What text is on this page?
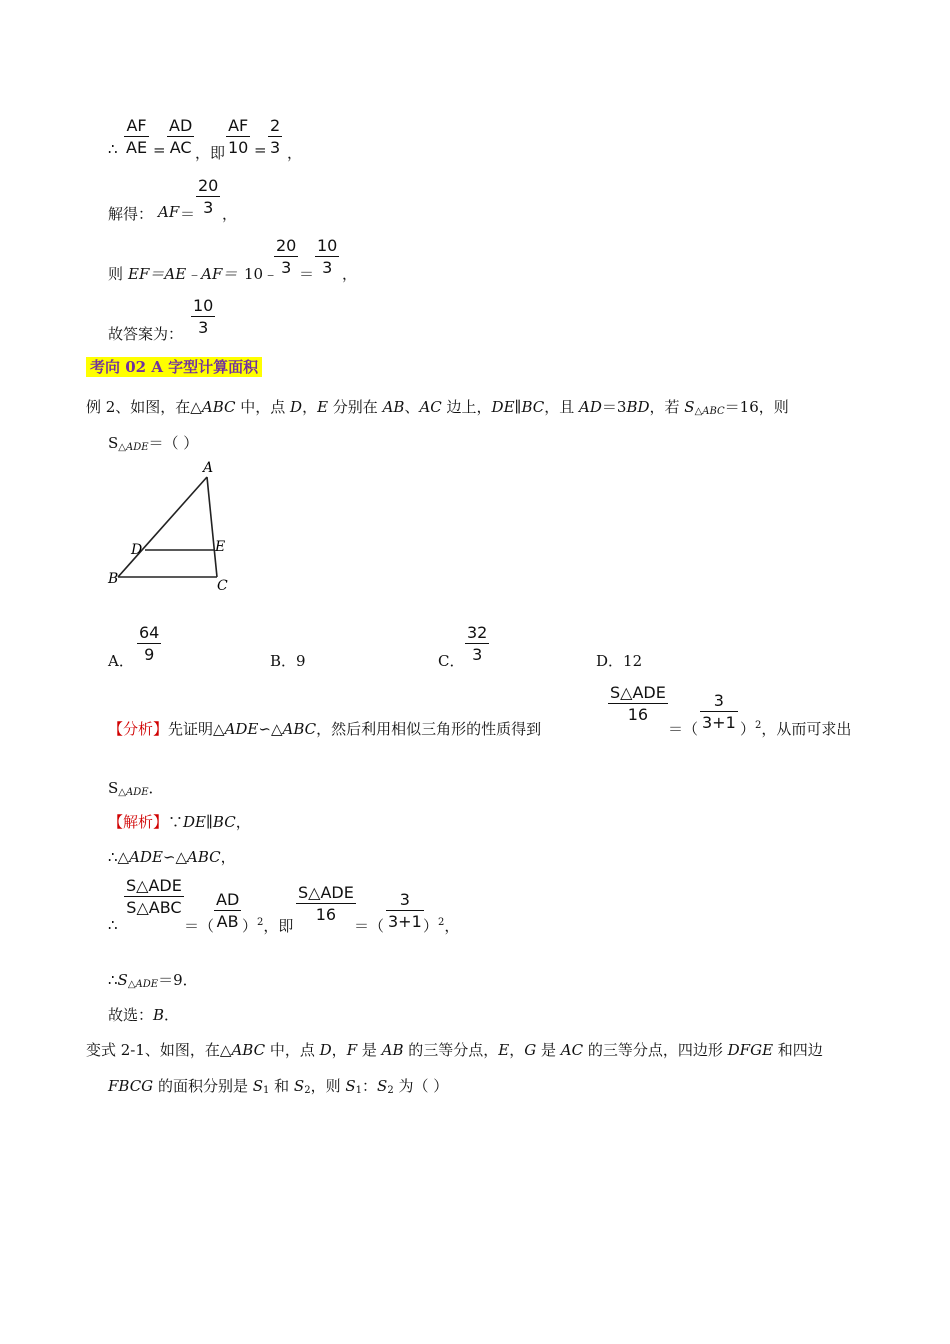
∴ $\frac{AF}{AE} = \frac{AD}{AC}$ ，即 $\frac{AF}{10} = \frac{2}{3}$ ，
解得： AF ＝ $\frac{20}{3}$ ，
则 EF＝AE﹣AF＝ 10﹣
$\frac{20}{3} = \frac{10}{3}$ ，
故答案为： $\frac{10}{3}$
考向 02 A 字型计算面积
例 2、如图，在△ABC 中，点 D，E 分别在 AB、AC 边上，DE∥BC，且 AD＝3BD，若 $S_{\triangle ABC}=16$，则
$S_{\triangle ADE}=$（ ）
A
B	C
D	E
A． $\frac{64}{9}$	B．9	C． $\frac{32}{3}$	D．12
【分析】先证明△ADE∽△ABC，然后利用相似三角形的性质得到
S△ADE
16
＝（ $\frac{3}{3+1} )^2$，从而可求出
$S_{\triangle ADE}$．
【解析】∵DE∥BC，
∴△ADE∽△ABC，
∴
S△ADE
S△ABC
＝（ $\frac{AD}{AB} )^2$，即
S△ADE
16
＝（ $\frac{3}{3+1} )^2$，
$\therefore S_{\triangle ADE}=9$．
故选：B．
变式 2-1、如图，在△ABC 中，点 D，F 是 AB 的三等分点，E，G 是 AC 的三等分点，四边形 DFGE 和四边
FBCG 的面积分别是 $S_1$ 和 $S_2$，则 $S_1$：$S_2$ 为（ ）
